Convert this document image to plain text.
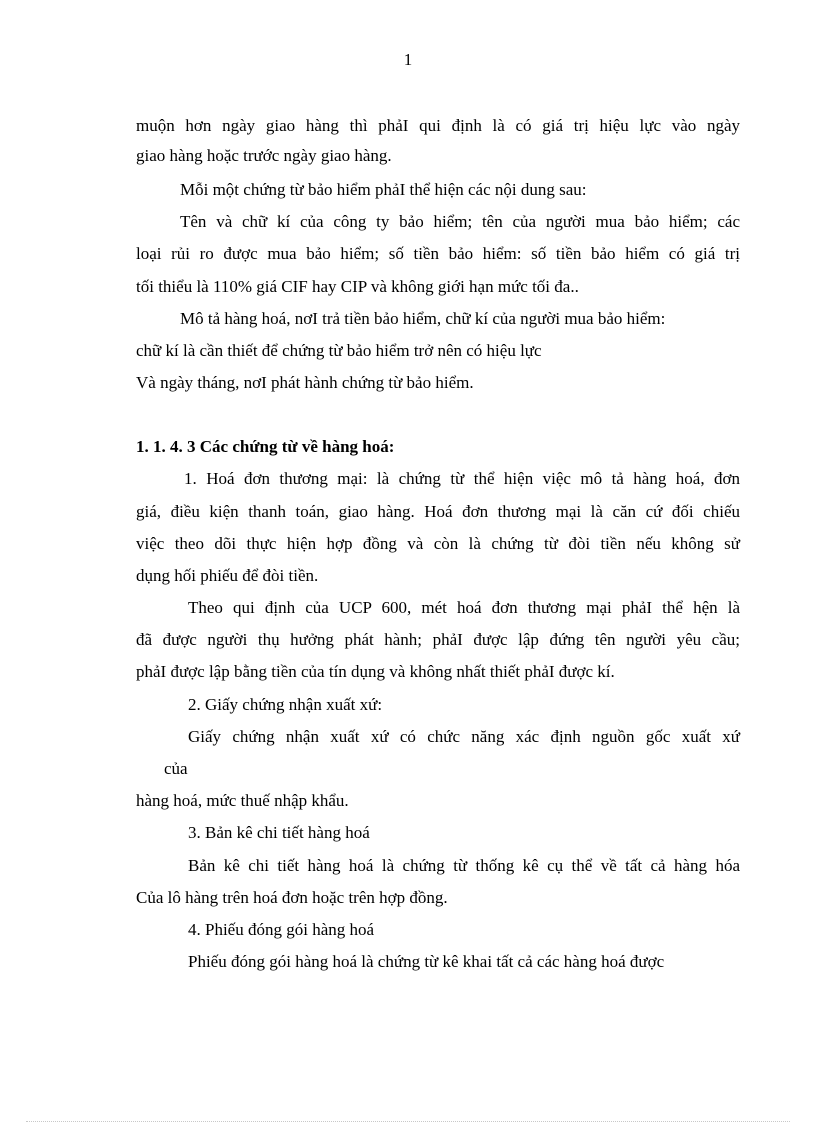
1
muộn hơn ngày giao hàng thì phảI qui định là có giá trị hiệu lực vào ngày
giao hàng hoặc trước ngày giao hàng.
Mỗi một chứng từ bảo hiểm phảI thể hiện các nội dung sau:
Tên và chữ kí của công ty bảo hiểm; tên của người mua bảo hiểm; các
loại rủi ro được mua bảo hiểm; số tiền bảo hiểm: số tiền bảo hiểm có giá trị
tối thiểu là 110% giá CIF hay CIP và không giới hạn mức tối đa..
Mô tả hàng hoá, nơI trả tiền bảo hiểm, chữ kí của người mua bảo hiểm:
chữ kí là cần thiết để chứng từ bảo hiểm trở nên có hiệu lực
Và ngày tháng, nơI phát hành chứng từ bảo hiểm.
1. 1. 4. 3 Các chứng từ về hàng hoá:
1. Hoá đơn thương mại: là chứng từ thể hiện việc mô tả hàng hoá, đơn
giá, điều kiện thanh toán, giao hàng. Hoá đơn thương mại là căn cứ đối chiếu
việc theo dõi thực hiện hợp đồng và còn là chứng từ đòi tiền nếu không sử
dụng hối phiếu để đòi tiền.
Theo qui định của UCP 600, mét hoá đơn thương mại phảI thể hện là
đã được người thụ hưởng phát hành; phảI được lập đứng tên người yêu cầu;
phảI được lập bằng tiền của tín dụng và không nhất thiết phảI được kí.
2. Giấy chứng nhận xuất xứ:
Giấy chứng nhận xuất xứ có chức năng xác định nguồn gốc xuất xứ
của
hàng hoá, mức thuế nhập khẩu.
3. Bản kê chi tiết hàng hoá
Bản kê chi tiết hàng hoá là chứng từ thống kê cụ thể về tất cả hàng hóa
Của lô hàng trên hoá đơn hoặc trên hợp đồng.
4. Phiếu đóng gói hàng hoá
Phiếu đóng gói hàng hoá là chứng từ kê khai tất cả các hàng hoá được
